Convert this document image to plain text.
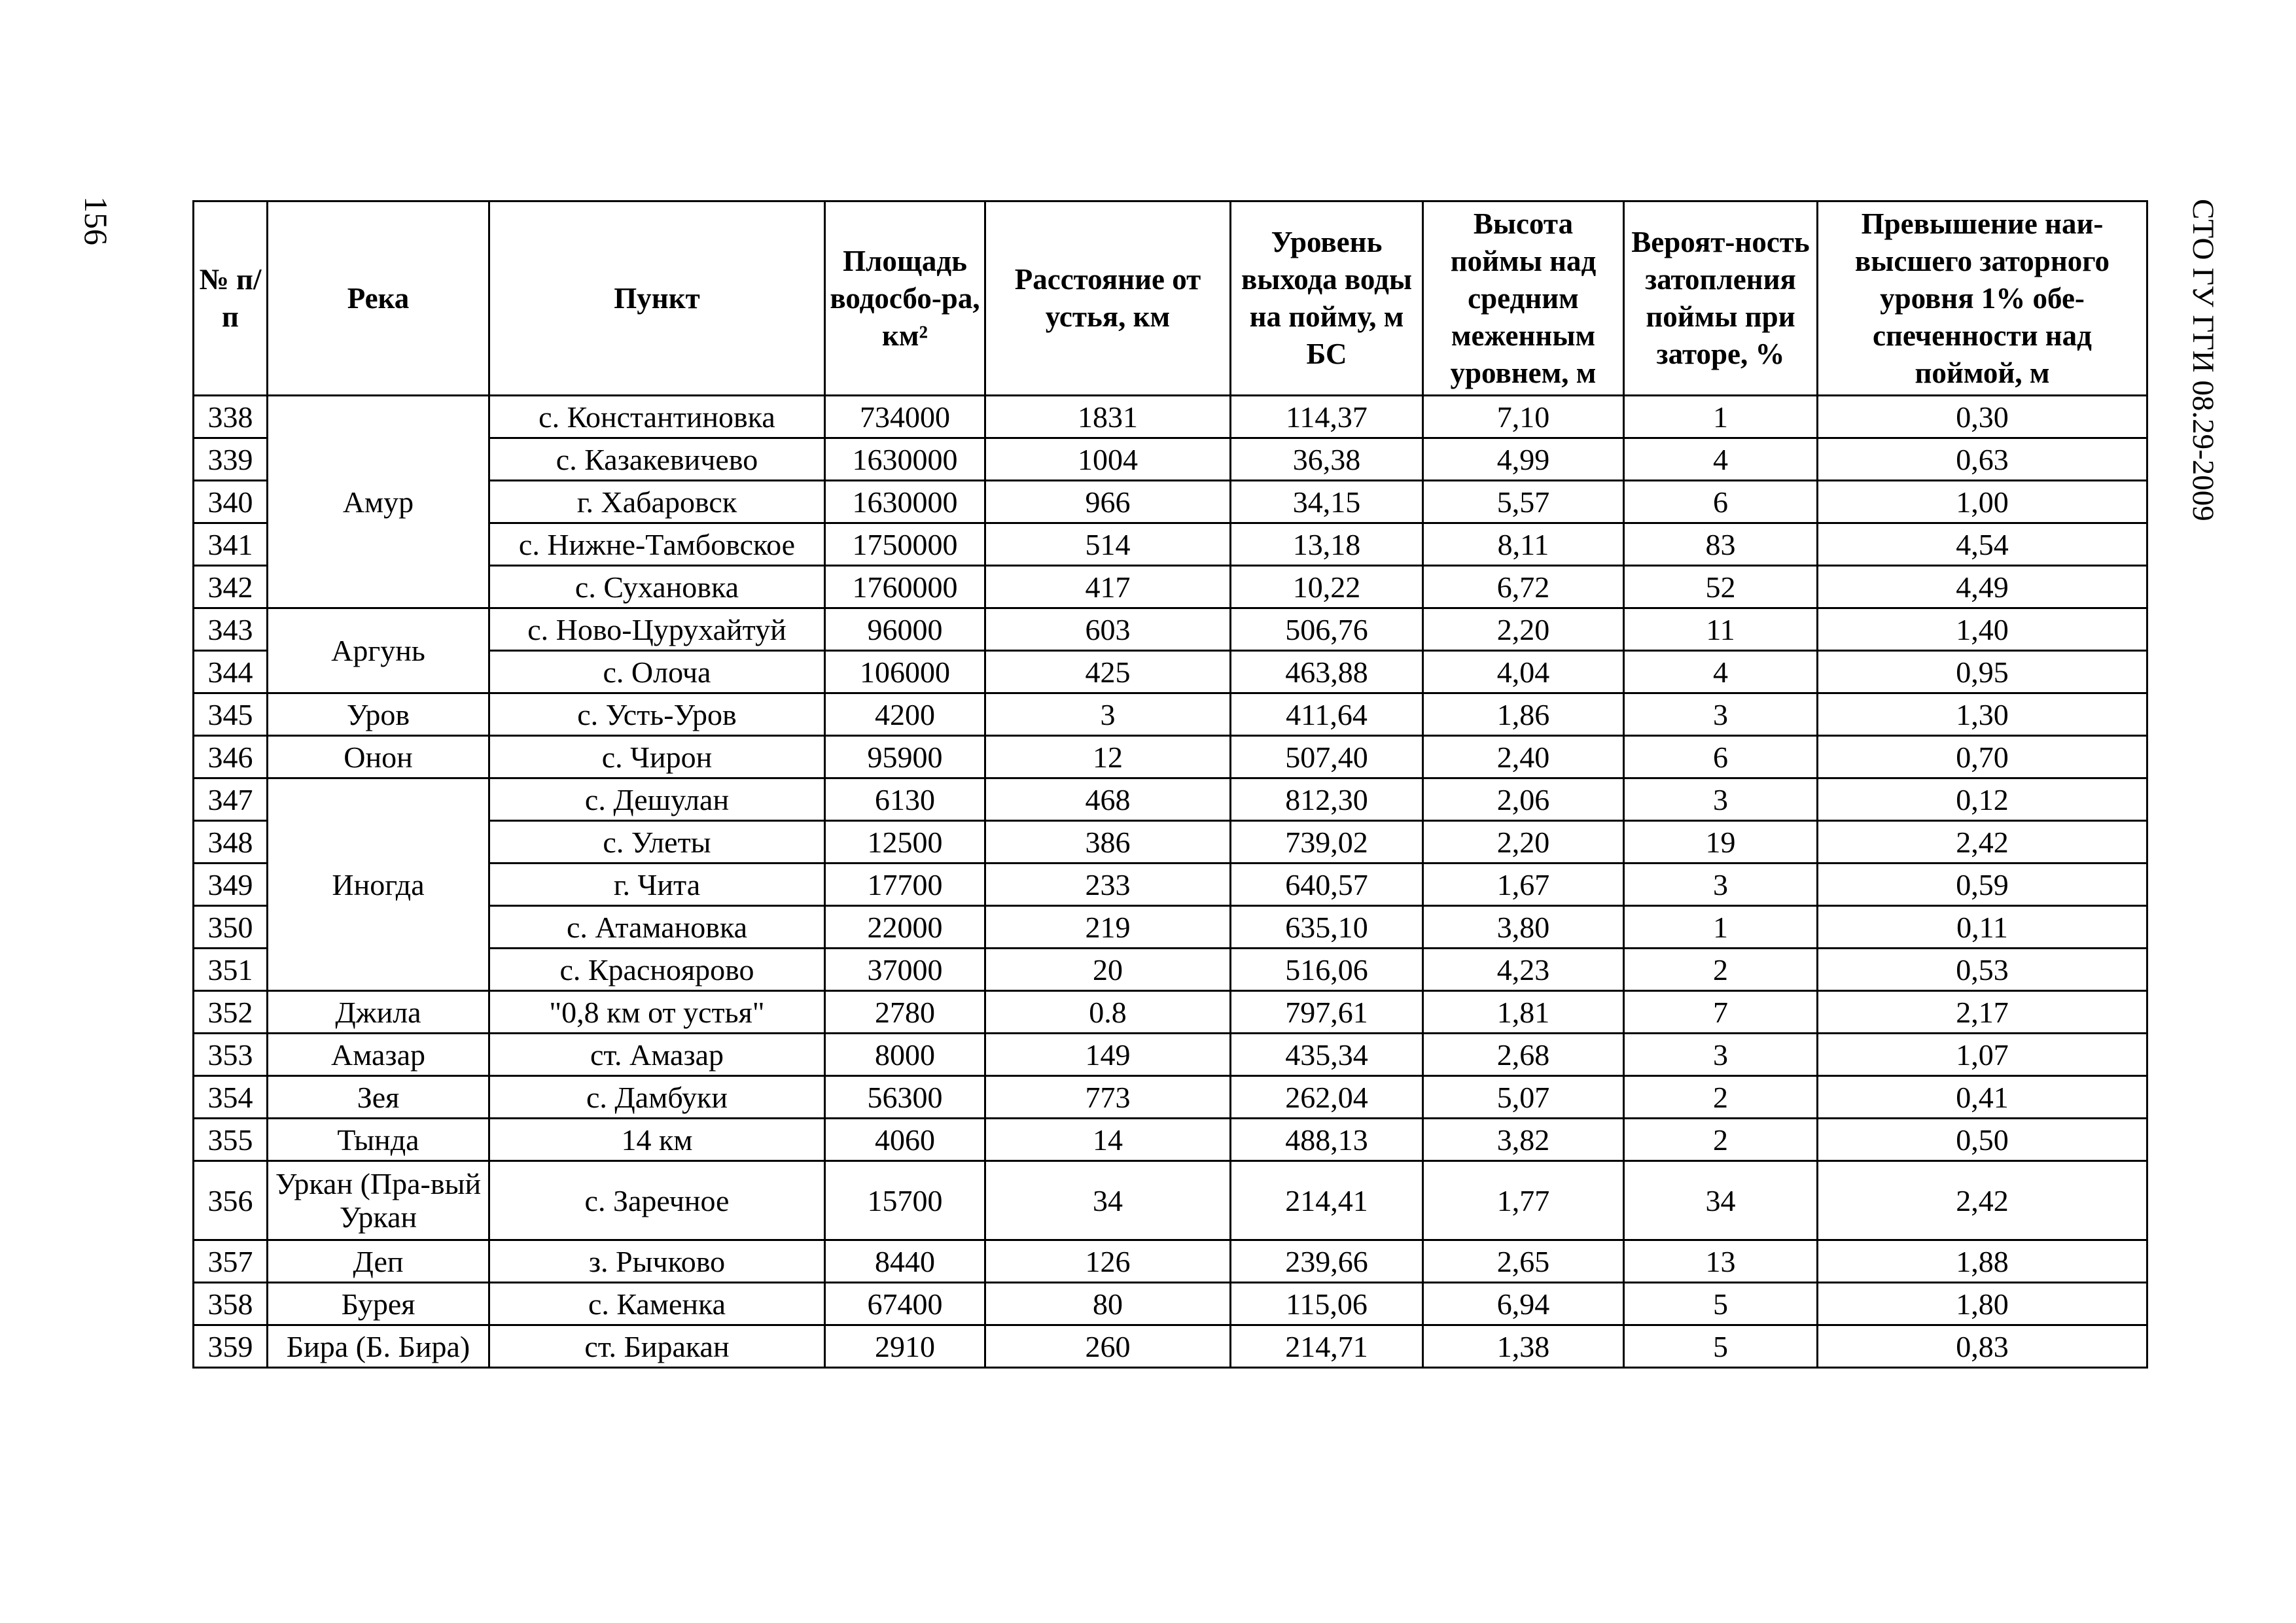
156	СТО ГУ ГГИ 08.29-2009
№ п/п	Река	Пункт	Площадь водосбо-ра, км²	Расстояние от устья, км	Уровень выхода воды на пойму, м БС	Высота поймы над средним меженным уровнем, м	Вероят-ность затопления поймы при заторе, %	Превышение наи-высшего заторного уровня 1% обе-спеченности над поймой, м
338	Амур	с. Константиновка	734000	1831	114,37	7,10	1	0,30
339		с. Казакевичево	1630000	1004	36,38	4,99	4	0,63
340		г. Хабаровск	1630000	966	34,15	5,57	6	1,00
341		с. Нижне-Тамбовское	1750000	514	13,18	8,11	83	4,54
342		с. Сухановка	1760000	417	10,22	6,72	52	4,49
343	Аргунь	с. Ново-Цурухайтуй	96000	603	506,76	2,20	11	1,40
344		с. Олоча	106000	425	463,88	4,04	4	0,95
345	Уров	с. Усть-Уров	4200	3	411,64	1,86	3	1,30
346	Онон	с. Чирон	95900	12	507,40	2,40	6	0,70
347	Иногда	с. Дешулан	6130	468	812,30	2,06	3	0,12
348		с. Улеты	12500	386	739,02	2,20	19	2,42
349		г. Чита	17700	233	640,57	1,67	3	0,59
350		с. Атамановка	22000	219	635,10	3,80	1	0,11
351		с. Краснoярово	37000	20	516,06	4,23	2	0,53
352	Джила	"0,8 км от устья"	2780	0.8	797,61	1,81	7	2,17
353	Амазар	ст. Амазар	8000	149	435,34	2,68	3	1,07
354	Зея	с. Дамбуки	56300	773	262,04	5,07	2	0,41
355	Тында	14 км	4060	14	488,13	3,82	2	0,50
356	Уркан (Пра-вый Уркан	с. Заречное	15700	34	214,41	1,77	34	2,42
357	Деп	з. Рычково	8440	126	239,66	2,65	13	1,88
358	Бурея	с. Каменка	67400	80	115,06	6,94	5	1,80
359	Бира (Б. Бира)	ст. Биракан	2910	260	214,71	1,38	5	0,83
